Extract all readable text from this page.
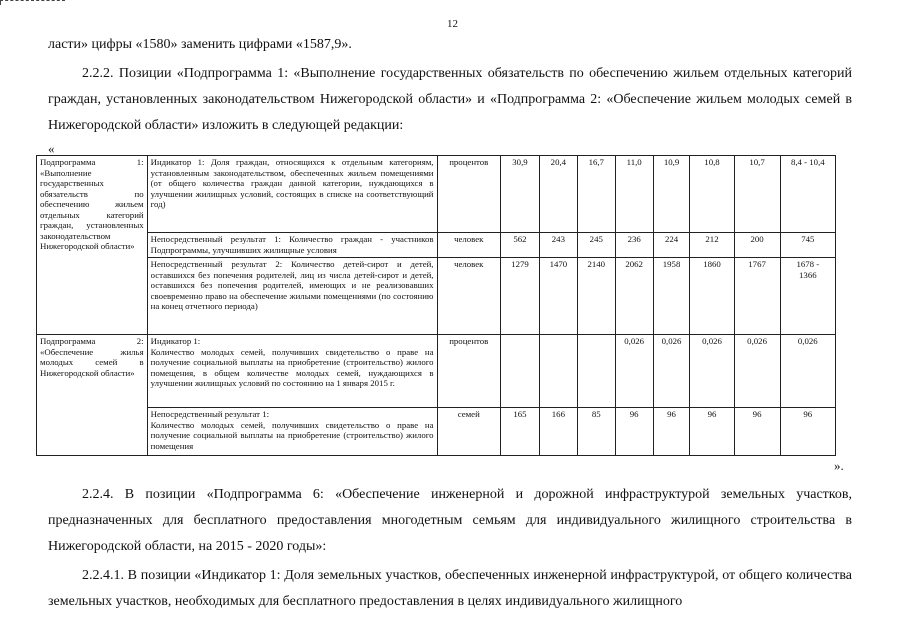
12
ласти» цифры «1580» заменить цифрами «1587,9».
2.2.2. Позиции «Подпрограмма 1: «Выполнение государственных обязательств по обеспечению жильем отдельных категорий граждан, установленных законодательством Нижегородской области» и «Подпрограмма 2: «Обеспечение жильем молодых семей в Нижегородской области» изложить в следующей редакции:
«
Подпрограмма 1: «Выполнение государственных обязательств по обеспечению жильем отдельных категорий граждан, установленных законодательством Нижегородской области»	Индикатор 1: Доля граждан, относящихся к отдельным категориям, установленным законодательством, обеспеченных жильем помещениями (от общего количества граждан данной категории, нуждающихся в улучшении жилищных условий, состоящих в списке на соответствующий год)	процентов	30,9	20,4	16,7	11,0	10,9	10,8	10,7	8,4 - 10,4
	Непосредственный результат 1: Количество граждан - участников Подпрограммы, улучшивших жилищные условия	человек	562	243	245	236	224	212	200	745
	Непосредственный результат 2: Количество детей-сирот и детей, оставшихся без попечения родителей, лиц из числа детей-сирот и детей, оставшихся без попечения родителей, имеющих и не реализовавших своевременно право на обеспечение жилыми помещениями (по состоянию на конец отчетного периода)	человек	1279	1470	2140	2062	1958	1860	1767	1678 -
1366
Подпрограмма 2: «Обеспечение жилья молодых семей в Нижегородской области»	Индикатор 1:
Количество молодых семей, получивших свидетельство о праве на получение социальной выплаты на приобретение (строительство) жилого помещения, в общем количестве молодых семей, нуждающихся в улучшении жилищных условий по состоянию на 1 января 2015 г.	процентов				0,026	0,026	0,026	0,026	0,026
	Непосредственный результат 1:
Количество молодых семей, получивших свидетельство о праве на получение социальной выплаты на приобретение (строительство) жилого помещения	семей	165	166	85	96	96	96	96	96
».
2.2.4. В позиции «Подпрограмма 6: «Обеспечение инженерной и дорожной инфраструктурой земельных участков, предназначенных для бесплатного предоставления многодетным семьям для индивидуального жилищного строительства в Нижегородской области, на 2015 - 2020 годы»:
2.2.4.1. В позиции «Индикатор 1: Доля земельных участков, обеспеченных инженерной инфраструктурой, от общего количества земельных участков, необходимых для бесплатного предоставления в целях индивидуального жилищного
